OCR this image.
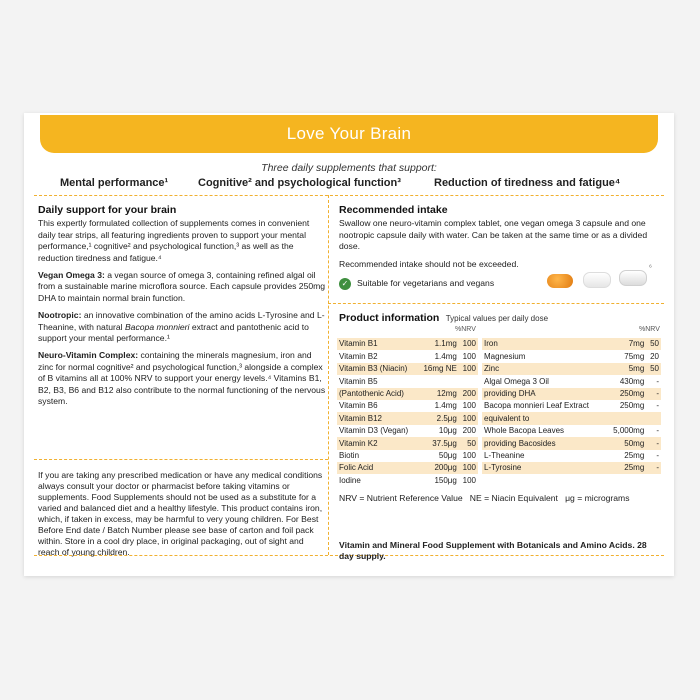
Love Your Brain
Three daily supplements that support:
Mental performance¹	Cognitive² and psychological function³	Reduction of tiredness and fatigue⁴
Daily support for your brain

This expertly formulated collection of supplements comes in convenient daily tear strips, all featuring ingredients proven to support your mental performance,¹ cognitive² and psychological function,³ as well as the reduction tiredness and fatigue.⁴

Vegan Omega 3: a vegan source of omega 3, containing refined algal oil from a sustainable marine microflora source. Each capsule provides 250mg DHA to maintain normal brain function.

Nootropic: an innovative combination of the amino acids L-Tyrosine and L-Theanine, with natural Bacopa monnieri extract and pantothenic acid to support your mental performance.¹

Neuro-Vitamin Complex: containing the minerals magnesium, iron and zinc for normal cognitive² and psychological function,³ alongside a complex of B vitamins all at 100% NRV to support your energy levels.⁴ Vitamins B1, B2, B3, B6 and B12 also contribute to the normal functioning of the nervous system.

If you are taking any prescribed medication or have any medical conditions always consult your doctor or pharmacist before taking vitamins or supplements. Food Supplements should not be used as a substitute for a varied and balanced diet and a healthy lifestyle. This product contains iron, which, if taken in excess, may be harmful to very young children. For Best Before End date / Batch Number please see base of carton and foil pack within. Store in a cool dry place, in original packaging, out of sight and reach of young children.
Recommended intake
Swallow one neuro-vitamin complex tablet, one vegan omega 3 capsule and one nootropic capsule daily with water. Can be taken at the same time or as a divided dose.
Recommended intake should not be exceeded.
✓	Suitable for vegetarians and vegans
⁶
Product information Typical values per daily dose
%NRV	%NRV
Vitamin B1	1.1mg	100
Vitamin B2	1.4mg	100
Vitamin B3 (Niacin)	16mg NE	100
Vitamin B5		
(Pantothenic Acid)	12mg	200
Vitamin B6	1.4mg	100
Vitamin B12	2.5μg	100
Vitamin D3 (Vegan)	10μg	200
Vitamin K2	37.5μg	50
Biotin	50μg	100
Folic Acid	200μg	100
Iodine	150μg	100
Iron	7mg	50
Magnesium	75mg	20
Zinc	5mg	50
Algal Omega 3 Oil	430mg	-
providing DHA	250mg	-
Bacopa monnieri Leaf Extract	250mg	-
equivalent to		
Whole Bacopa Leaves	5,000mg	-
providing Bacosides	50mg	-
L-Theanine	25mg	-
L-Tyrosine	25mg	-
NRV = Nutrient Reference Value   NE = Niacin Equivalent   μg = micrograms
Vitamin and Mineral Food Supplement with Botanicals and Amino Acids. 28 day supply.
